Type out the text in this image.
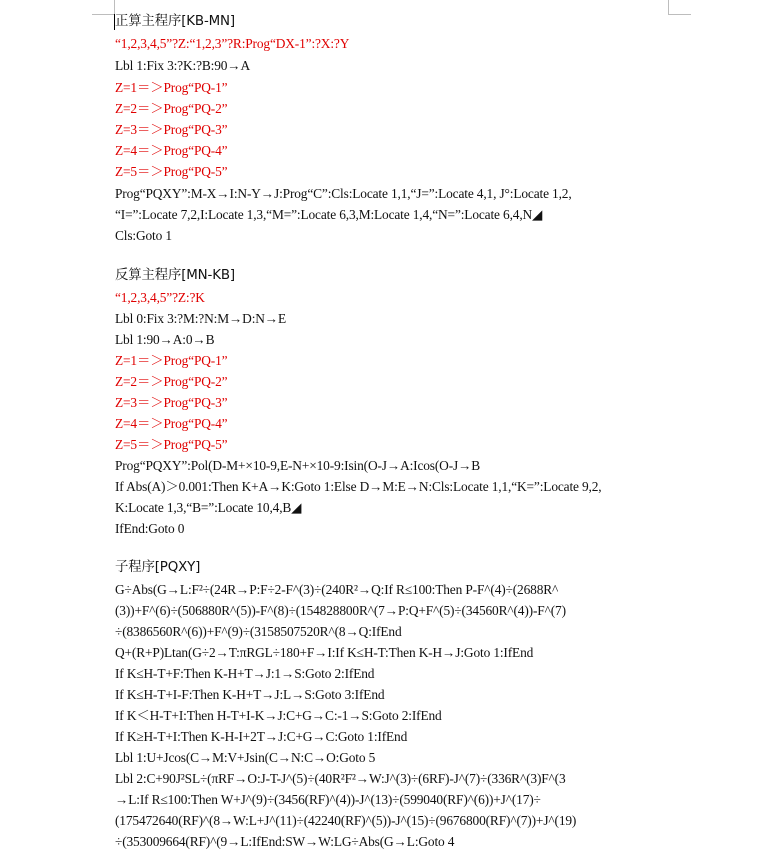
正算主程序[KB-MN]
“1,2,3,4,5”?Z:“1,2,3”?R:Prog“DX-1”:?X:?Y
Lbl 1:Fix 3:?K:?B:90→A
Z=1＝＞Prog“PQ-1”
Z=2＝＞Prog“PQ-2”
Z=3＝＞Prog“PQ-3”
Z=4＝＞Prog“PQ-4”
Z=5＝＞Prog“PQ-5”
Prog“PQXY”:M-X→I:N-Y→J:Prog“C”:Cls:Locate 1,1,“J=”:Locate 4,1, J°:Locate 1,2,
“I=”:Locate 7,2,I:Locate 1,3,“M=”:Locate 6,3,M:Locate 1,4,“N=”:Locate 6,4,N◢
Cls:Goto 1
反算主程序[MN-KB]
“1,2,3,4,5”?Z:?K
Lbl 0:Fix 3:?M:?N:M→D:N→E
Lbl 1:90→A:0→B
Z=1＝＞Prog“PQ-1”
Z=2＝＞Prog“PQ-2”
Z=3＝＞Prog“PQ-3”
Z=4＝＞Prog“PQ-4”
Z=5＝＞Prog“PQ-5”
Prog“PQXY”:Pol(D-M+×10-9,E-N+×10-9:Isin(O-J→A:Icos(O-J→B
If Abs(A)＞0.001:Then K+A→K:Goto 1:Else D→M:E→N:Cls:Locate 1,1,“K=”:Locate 9,2,
K:Locate 1,3,“B=”:Locate 10,4,B◢
IfEnd:Goto 0
子程序[PQXY]
G÷Abs(G→L:F²÷(24R→P:F÷2-F^(3)÷(240R²→Q:If R≤100:Then P-F^(4)÷(2688R^
(3))+F^(6)÷(506880R^(5))-F^(8)÷(154828800R^(7→P:Q+F^(5)÷(34560R^(4))-F^(7)
÷(8386560R^(6))+F^(9)÷(3158507520R^(8→Q:IfEnd
Q+(R+P)Ltan(G÷2→T:πRGL÷180+F→I:If K≤H-T:Then K-H→J:Goto 1:IfEnd
If K≤H-T+F:Then K-H+T→J:1→S:Goto 2:IfEnd
If K≤H-T+I-F:Then K-H+T→J:L→S:Goto 3:IfEnd
If K＜H-T+I:Then H-T+I-K→J:C+G→C:-1→S:Goto 2:IfEnd
If K≥H-T+I:Then K-H-I+2T→J:C+G→C:Goto 1:IfEnd
Lbl 1:U+Jcos(C→M:V+Jsin(C→N:C→O:Goto 5
Lbl 2:C+90J²SL÷(πRF→O:J-T-J^(5)÷(40R²F²→W:J^(3)÷(6RF)-J^(7)÷(336R^(3)F^(3
→L:If R≤100:Then W+J^(9)÷(3456(RF)^(4))-J^(13)÷(599040(RF)^(6))+J^(17)÷
(175472640(RF)^(8→W:L+J^(11)÷(42240(RF)^(5))-J^(15)÷(9676800(RF)^(7))+J^(19)
÷(353009664(RF)^(9→L:IfEnd:SW→W:LG÷Abs(G→L:Goto 4
